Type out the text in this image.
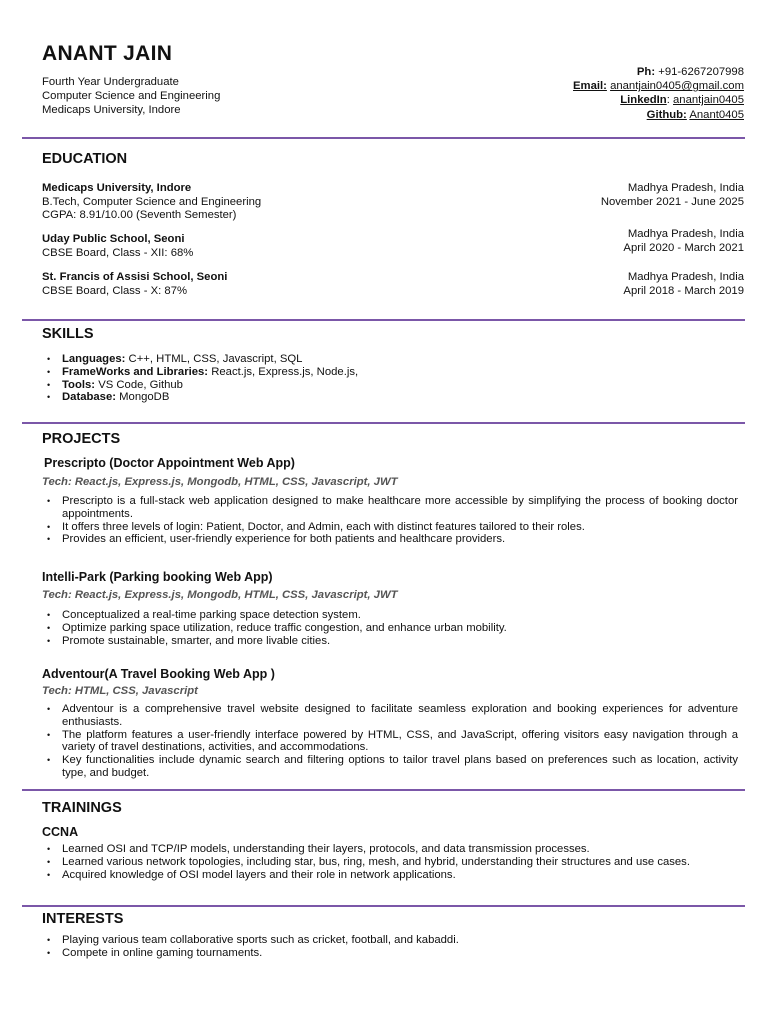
ANANT JAIN
Fourth Year Undergraduate
Computer Science and Engineering
Medicaps University, Indore
Ph: +91-6267207998
Email: anantjain0405@gmail.com
LinkedIn: anantjain0405
Github: Anant0405
EDUCATION
Medicaps University, Indore
B.Tech, Computer Science and Engineering
CGPA: 8.91/10.00 (Seventh Semester)
Madhya Pradesh, India
November 2021 - June 2025
Uday Public School, Seoni
CBSE Board, Class - XII: 68%
Madhya Pradesh, India
April 2020 - March 2021
St. Francis of Assisi School, Seoni
CBSE Board, Class - X: 87%
Madhya Pradesh, India
April 2018 - March 2019
SKILLS
• Languages: C++, HTML, CSS, Javascript, SQL
• FrameWorks and Libraries: React.js, Express.js, Node.js,
• Tools: VS Code, Github
• Database: MongoDB
PROJECTS
Prescripto (Doctor Appointment Web App)
Tech: React.js, Express.js, Mongodb, HTML, CSS, Javascript, JWT
• Prescripto is a full-stack web application designed to make healthcare more accessible by simplifying the process of booking doctor appointments.
• It offers three levels of login: Patient, Doctor, and Admin, each with distinct features tailored to their roles.
• Provides an efficient, user-friendly experience for both patients and healthcare providers.
Intelli-Park (Parking booking Web App)
Tech: React.js, Express.js, Mongodb, HTML, CSS, Javascript, JWT
• Conceptualized a real-time parking space detection system.
• Optimize parking space utilization, reduce traffic congestion, and enhance urban mobility.
• Promote sustainable, smarter, and more livable cities.
Adventour(A Travel Booking Web App )
Tech: HTML, CSS, Javascript
• Adventour is a comprehensive travel website designed to facilitate seamless exploration and booking experiences for adventure enthusiasts.
• The platform features a user-friendly interface powered by HTML, CSS, and JavaScript, offering visitors easy navigation through a variety of travel destinations, activities, and accommodations.
• Key functionalities include dynamic search and filtering options to tailor travel plans based on preferences such as location, activity type, and budget.
TRAININGS
CCNA
• Learned OSI and TCP/IP models, understanding their layers, protocols, and data transmission processes.
• Learned various network topologies, including star, bus, ring, mesh, and hybrid, understanding their structures and use cases.
• Acquired knowledge of OSI model layers and their role in network applications.
INTERESTS
• Playing various team collaborative sports such as cricket, football, and kabaddi.
• Compete in online gaming tournaments.
